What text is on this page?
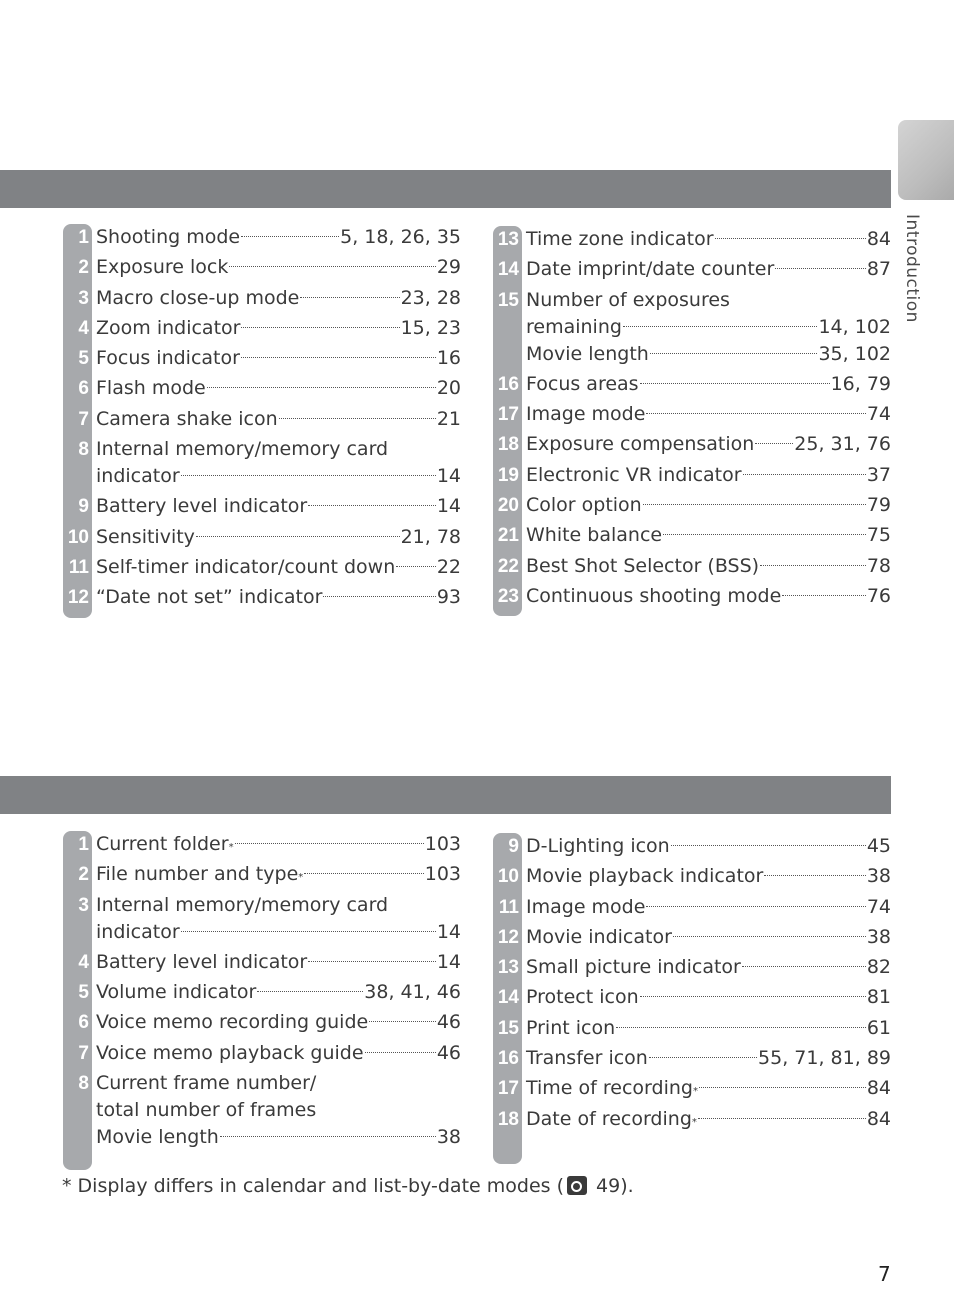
Introduction
1 Shooting mode	5, 18, 26, 35
2 Exposure lock	29
3 Macro close-up mode	23, 28
4 Zoom indicator	15, 23
5 Focus indicator	16
6 Flash mode	20
7 Camera shake icon	21
8 Internal memory/memory card
indicator	14
9 Battery level indicator	14
10 Sensitivity	21, 78
11 Self-timer indicator/count down 22
12 “Date not set” indicator	93
13 Time zone indicator	84
14 Date imprint/date counter	87
15 Number of exposures
remaining	14, 102
Movie length	35, 102
16 Focus areas	16, 79
17 Image mode	74
18 Exposure compensation 25, 31, 76
19 Electronic VR indicator	37
20 Color option	79
21 White balance	75
22 Best Shot Selector (BSS)	78
23 Continuous shooting mode	76
1 Current folder *	103
2 File number and type *	103
3 Internal memory/memory card
indicator	14
4 Battery level indicator	14
5 Volume indicator	38, 41, 46
6 Voice memo recording guide	46
7 Voice memo playback guide	46
8 Current frame number/
total number of frames
Movie length	38
9 D-Lighting icon	45
10 Movie playback indicator	38
11 Image mode	74
12 Movie indicator	38
13 Small picture indicator	82
14 Protect icon	81
15 Print icon	61
16 Transfer icon	55, 71, 81, 89
17 Time of recording *	84
18 Date of recording *	84
* Display differs in calendar and list-by-date modes ( 49).
7
